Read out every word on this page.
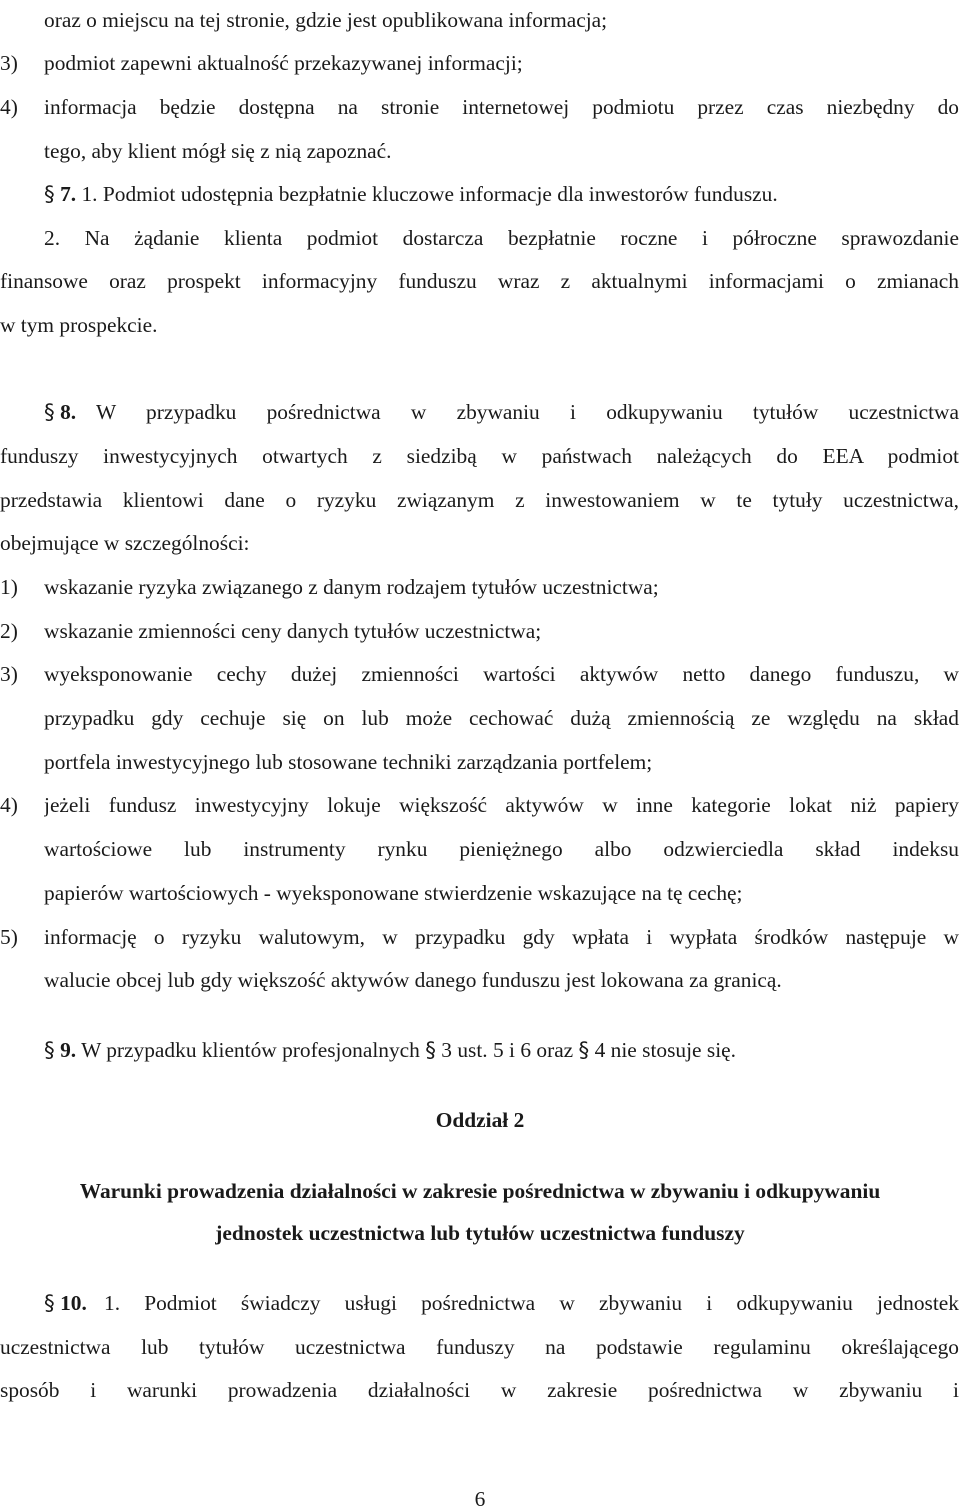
oraz o miejscu na tej stronie, gdzie jest opublikowana informacja;
3) podmiot zapewni aktualność przekazywanej informacji;
4) informacja będzie dostępna na stronie internetowej podmiotu przez czas niezbędny do
tego, aby klient mógł się z nią zapoznać.
§ 7. 1. Podmiot udostępnia bezpłatnie kluczowe informacje dla inwestorów funduszu.
2. Na żądanie klienta podmiot dostarcza bezpłatnie roczne i półroczne sprawozdanie
finansowe oraz prospekt informacyjny funduszu wraz z aktualnymi informacjami o zmianach
w tym prospekcie.
§ 8. W przypadku pośrednictwa w zbywaniu i odkupywaniu tytułów uczestnictwa
funduszy inwestycyjnych otwartych z siedzibą w państwach należących do EEA podmiot
przedstawia klientowi dane o ryzyku związanym z inwestowaniem w te tytuły uczestnictwa,
obejmujące w szczególności:
1) wskazanie ryzyka związanego z danym rodzajem tytułów uczestnictwa;
2) wskazanie zmienności ceny danych tytułów uczestnictwa;
3) wyeksponowanie cechy dużej zmienności wartości aktywów netto danego funduszu, w
przypadku gdy cechuje się on lub może cechować dużą zmiennością ze względu na skład
portfela inwestycyjnego lub stosowane techniki zarządzania portfelem;
4) jeżeli fundusz inwestycyjny lokuje większość aktywów w inne kategorie lokat niż papiery
wartościowe lub instrumenty rynku pieniężnego albo odzwierciedla skład indeksu
papierów wartościowych - wyeksponowane stwierdzenie wskazujące na tę cechę;
5) informację o ryzyku walutowym, w przypadku gdy wpłata i wypłata środków następuje w
walucie obcej lub gdy większość aktywów danego funduszu jest lokowana za granicą.
§ 9. W przypadku klientów profesjonalnych § 3 ust. 5 i 6 oraz § 4 nie stosuje się.
Oddział 2
Warunki prowadzenia działalności w zakresie pośrednictwa w zbywaniu i odkupywaniu
jednostek uczestnictwa lub tytułów uczestnictwa funduszy
§ 10. 1. Podmiot świadczy usługi pośrednictwa w zbywaniu i odkupywaniu jednostek
uczestnictwa lub tytułów uczestnictwa funduszy na podstawie regulaminu określającego
sposób i warunki prowadzenia działalności w zakresie pośrednictwa w zbywaniu i
6
